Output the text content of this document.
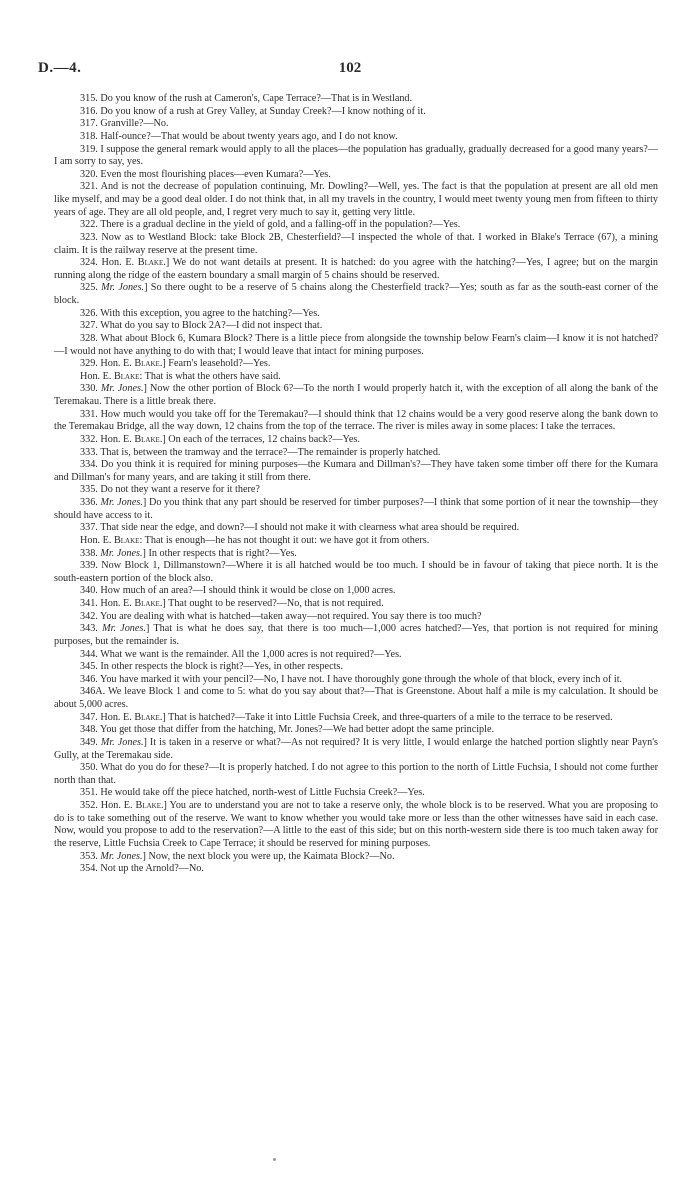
D.—4.	102

315. Do you know of the rush at Cameron's, Cape Terrace?—That is in Westland.

316. Do you know of a rush at Grey Valley, at Sunday Creek?—I know nothing of it.

317. Granville?—No.

318. Half-ounce?—That would be about twenty years ago, and I do not know.

319. I suppose the general remark would apply to all the places—the population has gradually, gradually decreased for a good many years?—I am sorry to say, yes.

320. Even the most flourishing places—even Kumara?—Yes.

321. And is not the decrease of population continuing, Mr. Dowling?—Well, yes. The fact is that the population at present are all old men like myself, and may be a good deal older. I do not think that, in all my travels in the country, I would meet twenty young men from fifteen to thirty years of age. They are all old people, and, I regret very much to say it, getting very little.

322. There is a gradual decline in the yield of gold, and a falling-off in the population?—Yes.

323. Now as to Westland Block: take Block 2B, Chesterfield?—I inspected the whole of that. I worked in Blake's Terrace (67), a mining claim. It is the railway reserve at the present time.

324. Hon. E. Blake.] We do not want details at present. It is hatched: do you agree with the hatching?—Yes, I agree; but on the margin running along the ridge of the eastern boundary a small margin of 5 chains should be reserved.

325. Mr. Jones.] So there ought to be a reserve of 5 chains along the Chesterfield track?—Yes; south as far as the south-east corner of the block.

326. With this exception, you agree to the hatching?—Yes.

327. What do you say to Block 2A?—I did not inspect that.

328. What about Block 6, Kumara Block? There is a little piece from alongside the township below Fearn's claim—I know it is not hatched?—I would not have anything to do with that; I would leave that intact for mining purposes.

329. Hon. E. Blake.] Fearn's leasehold?—Yes.

Hon. E. Blake: That is what the others have said.

330. Mr. Jones.] Now the other portion of Block 6?—To the north I would properly hatch it, with the exception of all along the bank of the Teremakau. There is a little break there.

331. How much would you take off for the Teremakau?—I should think that 12 chains would be a very good reserve along the bank down to the Teremakau Bridge, all the way down, 12 chains from the top of the terrace. The river is miles away in some places: I take the terraces.

332. Hon. E. Blake.] On each of the terraces, 12 chains back?—Yes.

333. That is, between the tramway and the terrace?—The remainder is properly hatched.

334. Do you think it is required for mining purposes—the Kumara and Dillman's?—They have taken some timber off there for the Kumara and Dillman's for many years, and are taking it still from there.

335. Do not they want a reserve for it there?

336. Mr. Jones.] Do you think that any part should be reserved for timber purposes?—I think that some portion of it near the township—they should have access to it.

337. That side near the edge, and down?—I should not make it with clearness what area should be required.

Hon. E. Blake: That is enough—he has not thought it out: we have got it from others.

338. Mr. Jones.] In other respects that is right?—Yes.

339. Now Block 1, Dillmanstown?—Where it is all hatched would be too much. I should be in favour of taking that piece north. It is the south-eastern portion of the block also.

340. How much of an area?—I should think it would be close on 1,000 acres.

341. Hon. E. Blake.] That ought to be reserved?—No, that is not required.

342. You are dealing with what is hatched—taken away—not required. You say there is too much?

343. Mr. Jones.] That is what he does say, that there is too much—1,000 acres hatched?—Yes, that portion is not required for mining purposes, but the remainder is.

344. What we want is the remainder. All the 1,000 acres is not required?—Yes.

345. In other respects the block is right?—Yes, in other respects.

346. You have marked it with your pencil?—No, I have not. I have thoroughly gone through the whole of that block, every inch of it.

346A. We leave Block 1 and come to 5: what do you say about that?—That is Greenstone. About half a mile is my calculation. It should be about 5,000 acres.

347. Hon. E. Blake.] That is hatched?—Take it into Little Fuchsia Creek, and three-quarters of a mile to the terrace to be reserved.

348. You get those that differ from the hatching, Mr. Jones?—We had better adopt the same principle.

349. Mr. Jones.] It is taken in a reserve or what?—As not required? It is very little, I would enlarge the hatched portion slightly near Payn's Gully, at the Teremakau side.

350. What do you do for these?—It is properly hatched. I do not agree to this portion to the north of Little Fuchsia, I should not come further north than that.

351. He would take off the piece hatched, north-west of Little Fuchsia Creek?—Yes.

352. Hon. E. Blake.] You are to understand you are not to take a reserve only, the whole block is to be reserved. What you are proposing to do is to take something out of the reserve. We want to know whether you would take more or less than the other witnesses have said in each case. Now, would you propose to add to the reservation?—A little to the east of this side; but on this north-western side there is too much taken away for the reserve, Little Fuchsia Creek to Cape Terrace; it should be reserved for mining purposes.

353. Mr. Jones.] Now, the next block you were up, the Kaimata Block?—No.

354. Not up the Arnold?—No.
